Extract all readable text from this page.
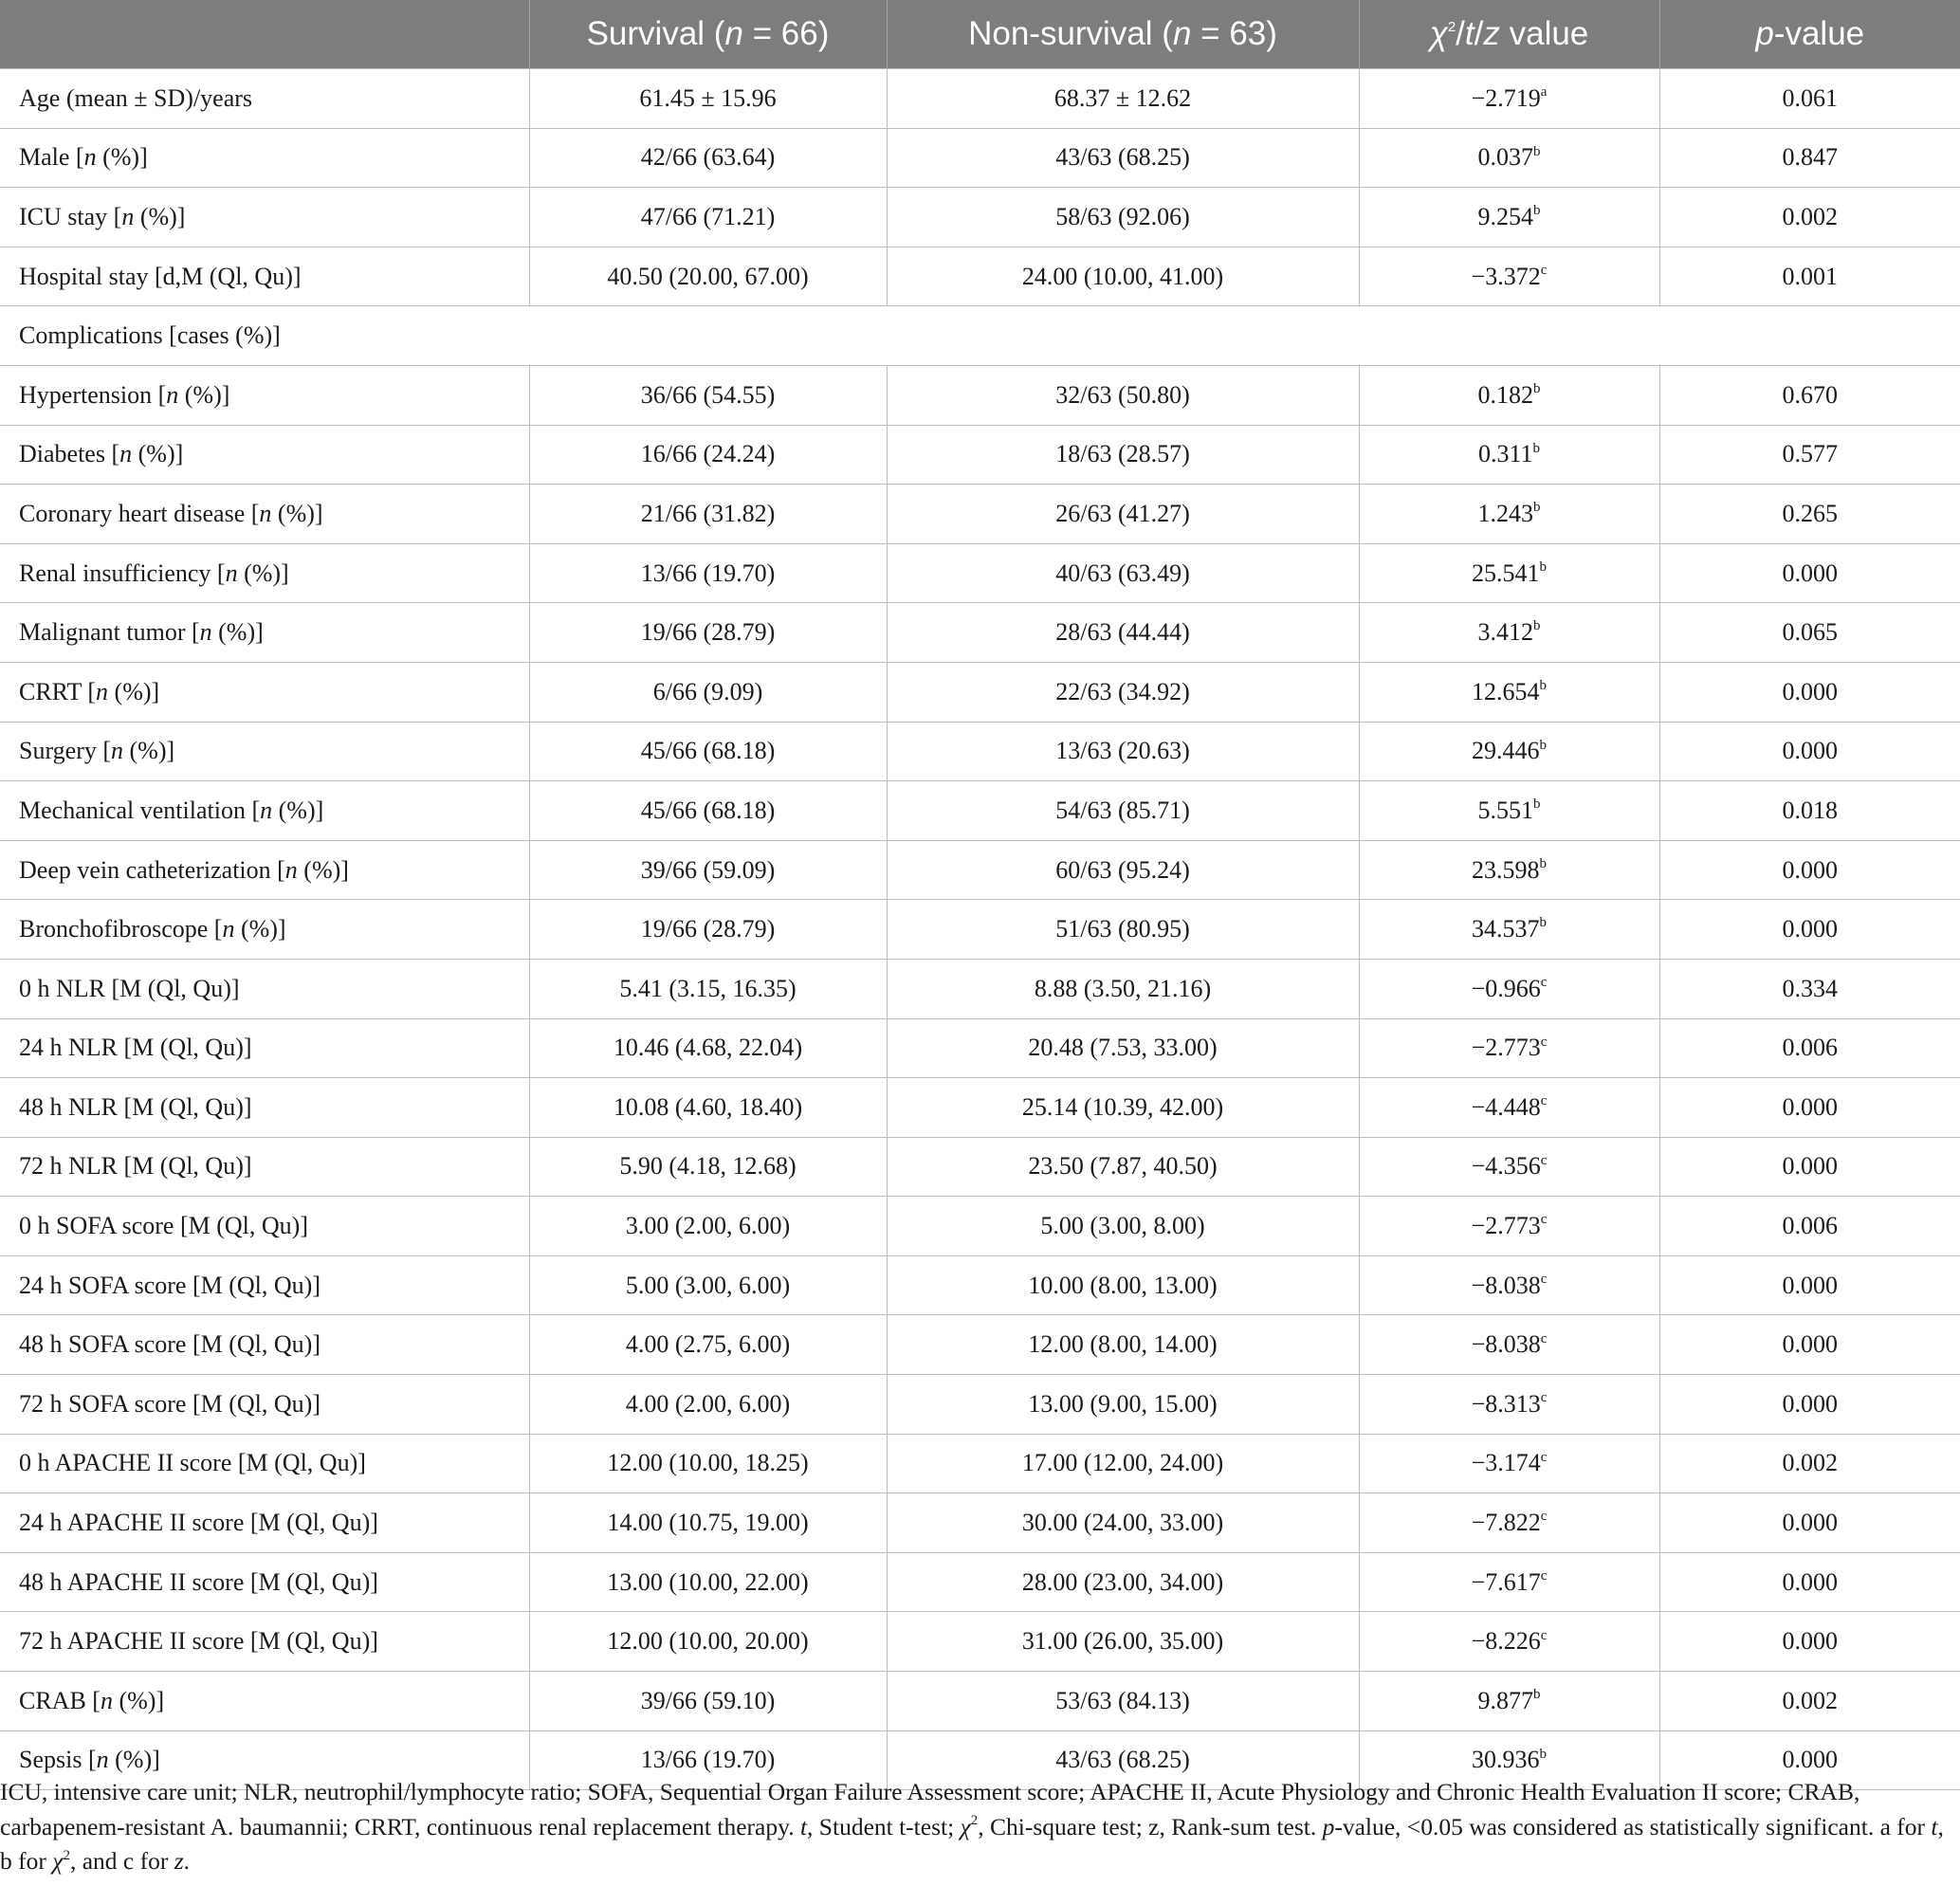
	Survival (n = 66)	Non-survival (n = 63)	$\chi^2/t/z$ value	p-value
Age (mean ± SD)/years	61.45 ± 15.96	68.37 ± 12.62	−2.719$^a$	0.061
Male [n (%)]	42/66 (63.64)	43/63 (68.25)	0.037$^b$	0.847
ICU stay [n (%)]	47/66 (71.21)	58/63 (92.06)	9.254$^b$	0.002
Hospital stay [d,M (Ql, Qu)]	40.50 (20.00, 67.00)	24.00 (10.00, 41.00)	−3.372$^c$	0.001
Complications [cases (%)]				
Hypertension [n (%)]	36/66 (54.55)	32/63 (50.80)	0.182$^b$	0.670
Diabetes [n (%)]	16/66 (24.24)	18/63 (28.57)	0.311$^b$	0.577
Coronary heart disease [n (%)]	21/66 (31.82)	26/63 (41.27)	1.243$^b$	0.265
Renal insufficiency [n (%)]	13/66 (19.70)	40/63 (63.49)	25.541$^b$	0.000
Malignant tumor [n (%)]	19/66 (28.79)	28/63 (44.44)	3.412$^b$	0.065
CRRT [n (%)]	6/66 (9.09)	22/63 (34.92)	12.654$^b$	0.000
Surgery [n (%)]	45/66 (68.18)	13/63 (20.63)	29.446$^b$	0.000
Mechanical ventilation [n (%)]	45/66 (68.18)	54/63 (85.71)	5.551$^b$	0.018
Deep vein catheterization [n (%)]	39/66 (59.09)	60/63 (95.24)	23.598$^b$	0.000
Bronchofibroscope [n (%)]	19/66 (28.79)	51/63 (80.95)	34.537$^b$	0.000
0 h NLR [M (Ql, Qu)]	5.41 (3.15, 16.35)	8.88 (3.50, 21.16)	−0.966$^c$	0.334
24 h NLR [M (Ql, Qu)]	10.46 (4.68, 22.04)	20.48 (7.53, 33.00)	−2.773$^c$	0.006
48 h NLR [M (Ql, Qu)]	10.08 (4.60, 18.40)	25.14 (10.39, 42.00)	−4.448$^c$	0.000
72 h NLR [M (Ql, Qu)]	5.90 (4.18, 12.68)	23.50 (7.87, 40.50)	−4.356$^c$	0.000
0 h SOFA score [M (Ql, Qu)]	3.00 (2.00, 6.00)	5.00 (3.00, 8.00)	−2.773$^c$	0.006
24 h SOFA score [M (Ql, Qu)]	5.00 (3.00, 6.00)	10.00 (8.00, 13.00)	−8.038$^c$	0.000
48 h SOFA score [M (Ql, Qu)]	4.00 (2.75, 6.00)	12.00 (8.00, 14.00)	−8.038$^c$	0.000
72 h SOFA score [M (Ql, Qu)]	4.00 (2.00, 6.00)	13.00 (9.00, 15.00)	−8.313$^c$	0.000
0 h APACHE II score [M (Ql, Qu)]	12.00 (10.00, 18.25)	17.00 (12.00, 24.00)	−3.174$^c$	0.002
24 h APACHE II score [M (Ql, Qu)]	14.00 (10.75, 19.00)	30.00 (24.00, 33.00)	−7.822$^c$	0.000
48 h APACHE II score [M (Ql, Qu)]	13.00 (10.00, 22.00)	28.00 (23.00, 34.00)	−7.617$^c$	0.000
72 h APACHE II score [M (Ql, Qu)]	12.00 (10.00, 20.00)	31.00 (26.00, 35.00)	−8.226$^c$	0.000
CRAB [n (%)]	39/66 (59.10)	53/63 (84.13)	9.877$^b$	0.002
Sepsis [n (%)]	13/66 (19.70)	43/63 (68.25)	30.936$^b$	0.000
ICU, intensive care unit; NLR, neutrophil/lymphocyte ratio; SOFA, Sequential Organ Failure Assessment score; APACHE II, Acute Physiology and Chronic Health Evaluation II score; CRAB, carbapenem-resistant A. baumannii; CRRT, continuous renal replacement therapy. t, Student t-test; $\chi^2$, Chi-square test; z, Rank-sum test. p-value, <0.05 was considered as statistically significant. a for t, b for $\chi^2$, and c for z.
